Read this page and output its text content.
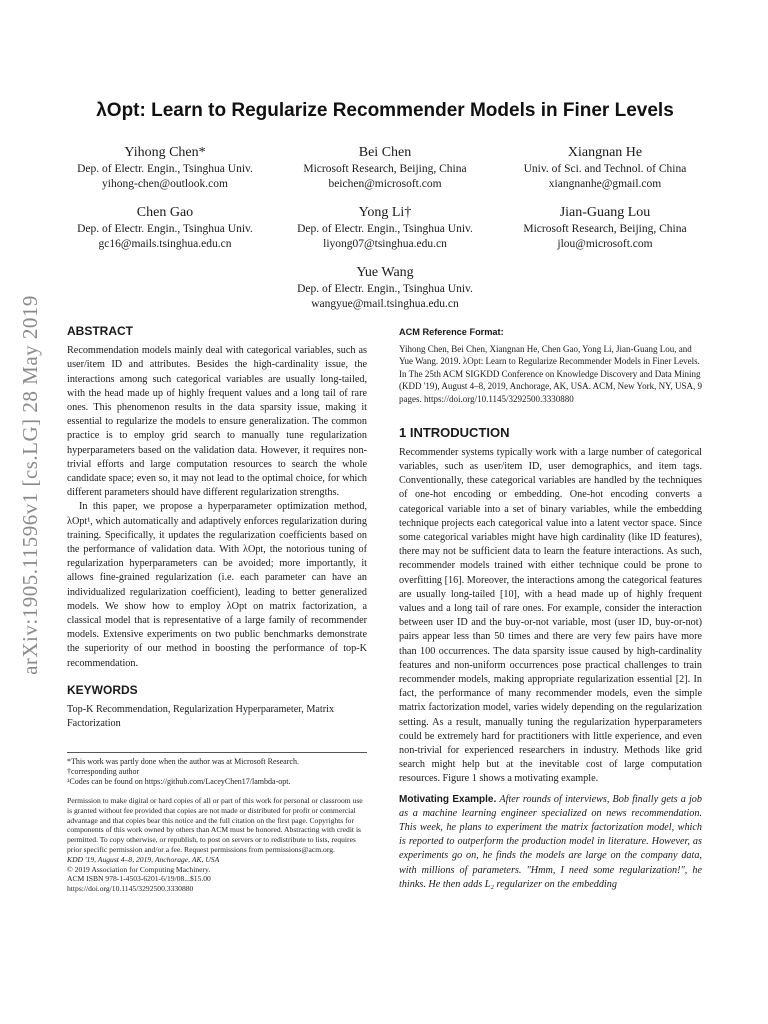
arXiv:1905.11596v1 [cs.LG] 28 May 2019
λOpt: Learn to Regularize Recommender Models in Finer Levels
Yihong Chen*
Dep. of Electr. Engin., Tsinghua Univ.
yihong-chen@outlook.com
Bei Chen
Microsoft Research, Beijing, China
beichen@microsoft.com
Xiangnan He
Univ. of Sci. and Technol. of China
xiangnanhe@gmail.com
Chen Gao
Dep. of Electr. Engin., Tsinghua Univ.
gc16@mails.tsinghua.edu.cn
Yong Li†
Dep. of Electr. Engin., Tsinghua Univ.
liyong07@tsinghua.edu.cn
Jian-Guang Lou
Microsoft Research, Beijing, China
jlou@microsoft.com
Yue Wang
Dep. of Electr. Engin., Tsinghua Univ.
wangyue@mail.tsinghua.edu.cn
ABSTRACT

Recommendation models mainly deal with categorical variables, such as user/item ID and attributes. Besides the high-cardinality issue, the interactions among such categorical variables are usually long-tailed, with the head made up of highly frequent values and a long tail of rare ones. This phenomenon results in the data sparsity issue, making it essential to regularize the models to ensure generalization. The common practice is to employ grid search to manually tune regularization hyperparameters based on the validation data. However, it requires non-trivial efforts and large computation resources to search the whole candidate space; even so, it may not lead to the optimal choice, for which different parameters should have different regularization strengths.

In this paper, we propose a hyperparameter optimization method, λOpt¹, which automatically and adaptively enforces regularization during training. Specifically, it updates the regularization coefficients based on the performance of validation data. With λOpt, the notorious tuning of regularization hyperparameters can be avoided; more importantly, it allows fine-grained regularization (i.e. each parameter can have an individualized regularization coefficient), leading to better generalized models. We show how to employ λOpt on matrix factorization, a classical model that is representative of a large family of recommender models. Extensive experiments on two public benchmarks demonstrate the superiority of our method in boosting the performance of top-K recommendation.

KEYWORDS

Top-K Recommendation, Regularization Hyperparameter, Matrix Factorization

*This work was partly done when the author was at Microsoft Research.
†corresponding author
¹Codes can be found on https://github.com/LaceyChen17/lambda-opt.
Permission to make digital or hard copies of all or part of this work for personal or classroom use is granted without fee provided that copies are not made or distributed for profit or commercial advantage and that copies bear this notice and the full citation on the first page. Copyrights for components of this work owned by others than ACM must be honored. Abstracting with credit is permitted. To copy otherwise, or republish, to post on servers or to redistribute to lists, requires prior specific permission and/or a fee. Request permissions from permissions@acm.org.
KDD '19, August 4–8, 2019, Anchorage, AK, USA
© 2019 Association for Computing Machinery.
ACM ISBN 978-1-4503-6201-6/19/08...$15.00
https://doi.org/10.1145/3292500.3330880
ACM Reference Format:

Yihong Chen, Bei Chen, Xiangnan He, Chen Gao, Yong Li, Jian-Guang Lou, and Yue Wang. 2019. λOpt: Learn to Regularize Recommender Models in Finer Levels. In The 25th ACM SIGKDD Conference on Knowledge Discovery and Data Mining (KDD '19), August 4–8, 2019, Anchorage, AK, USA. ACM, New York, NY, USA, 9 pages. https://doi.org/10.1145/3292500.3330880

1 INTRODUCTION

Recommender systems typically work with a large number of categorical variables, such as user/item ID, user demographics, and item tags. Conventionally, these categorical variables are handled by the techniques of one-hot encoding or embedding. One-hot encoding converts a categorical variable into a set of binary variables, while the embedding technique projects each categorical value into a latent vector space. Since some categorical variables might have high cardinality (like ID features), there may not be sufficient data to learn the feature interactions. As such, recommender models trained with either technique could be prone to overfitting [16]. Moreover, the interactions among the categorical features are usually long-tailed [10], with a head made up of highly frequent values and a long tail of rare ones. For example, consider the interaction between user ID and the buy-or-not variable, most (user ID, buy-or-not) pairs appear less than 50 times and there are very few pairs have more than 100 occurrences. The data sparsity issue caused by high-cardinality features and non-uniform occurrences pose practical challenges to train recommender models, making appropriate regularization essential [2]. In fact, the performance of many recommender models, even the simple matrix factorization model, varies widely depending on the regularization setting. As a result, manually tuning the regularization hyperparameters could be extremely hard for practitioners with little experience, and even non-trivial for experienced researchers in industry. Methods like grid search might help but at the inevitable cost of large computation resources. Figure 1 shows a motivating example.

Motivating Example. After rounds of interviews, Bob finally gets a job as a machine learning engineer specialized on news recommendation. This week, he plans to experiment the matrix factorization model, which is reported to outperform the production model in literature. However, as experiments go on, he finds the models are large on the company data, with millions of parameters. "Hmm, I need some regularization!", he thinks. He then adds L₂ regularizer on the embedding
